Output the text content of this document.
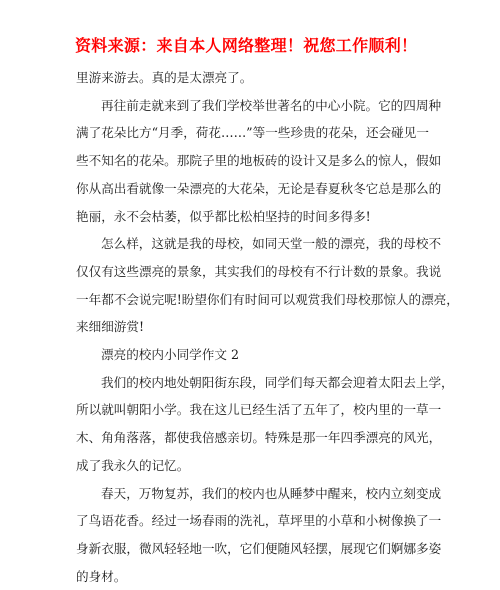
资料来源：来自本人网络整理！祝您工作顺利！

里游来游去。真的是太漂亮了。

再往前走就来到了我们学校举世著名的中心小院。它的四周种

满了花朵比方“月季，荷花……”等一些珍贵的花朵，还会碰见一

些不知名的花朵。那院子里的地板砖的设计又是多么的惊人，假如

你从高出看就像一朵漂亮的大花朵，无论是春夏秋冬它总是那么的

艳丽，永不会枯萎，似乎都比松柏坚持的时间多得多!

怎么样，这就是我的母校，如同天堂一般的漂亮，我的母校不

仅仅有这些漂亮的景象，其实我们的母校有不行计数的景象。我说

一年都不会说完呢!盼望你们有时间可以观赏我们母校那惊人的漂亮，

来细细游赏!

漂亮的校内小同学作文 2

我们的校内地处朝阳街东段，同学们每天都会迎着太阳去上学，

所以就叫朝阳小学。我在这儿已经生活了五年了，校内里的一草一

木、角角落落，都使我倍感亲切。特殊是那一年四季漂亮的风光，

成了我永久的记忆。

春天，万物复苏，我们的校内也从睡梦中醒来，校内立刻变成

了鸟语花香。经过一场春雨的洗礼，草坪里的小草和小树像换了一

身新衣服，微风轻轻地一吹，它们便随风轻摆，展现它们婀娜多姿

的身材。
